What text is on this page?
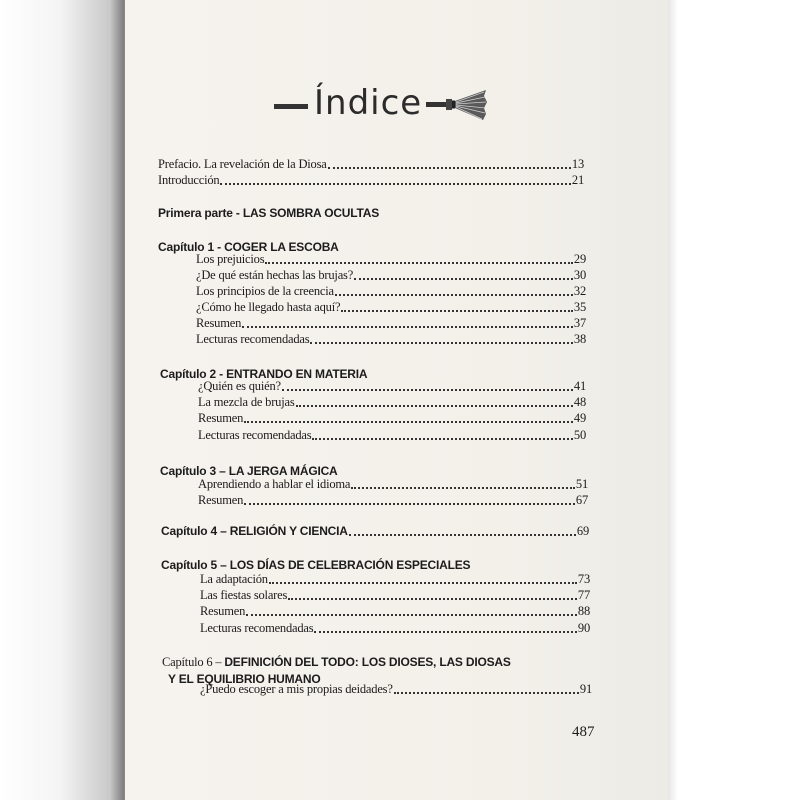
Índice
Prefacio. La revelación de la Diosa	13
Introducción	21
Primera parte - LAS SOMBRA OCULTAS
Capítulo 1 - COGER LA ESCOBA
Los prejuicios	29
¿De qué están hechas las brujas?	30
Los principios de la creencia	32
¿Cómo he llegado hasta aquí?	35
Resumen	37
Lecturas recomendadas	38
Capítulo 2 - ENTRANDO EN MATERIA
¿Quién es quién?	41
La mezcla de brujas	48
Resumen	49
Lecturas recomendadas	50
Capítulo 3 – LA JERGA MÁGICA
Aprendiendo a hablar el idioma	51
Resumen	67
Capítulo 4 – RELIGIÓN Y CIENCIA	69
Capítulo 5 – LOS DÍAS DE CELEBRACIÓN ESPECIALES
La adaptación	73
Las fiestas solares	77
Resumen	88
Lecturas recomendadas	90
Capítulo 6 – DEFINICIÓN DEL TODO: LOS DIOSES, LAS DIOSAS
Y EL EQUILIBRIO HUMANO
¿Puedo escoger a mis propias deidades?	91
487
